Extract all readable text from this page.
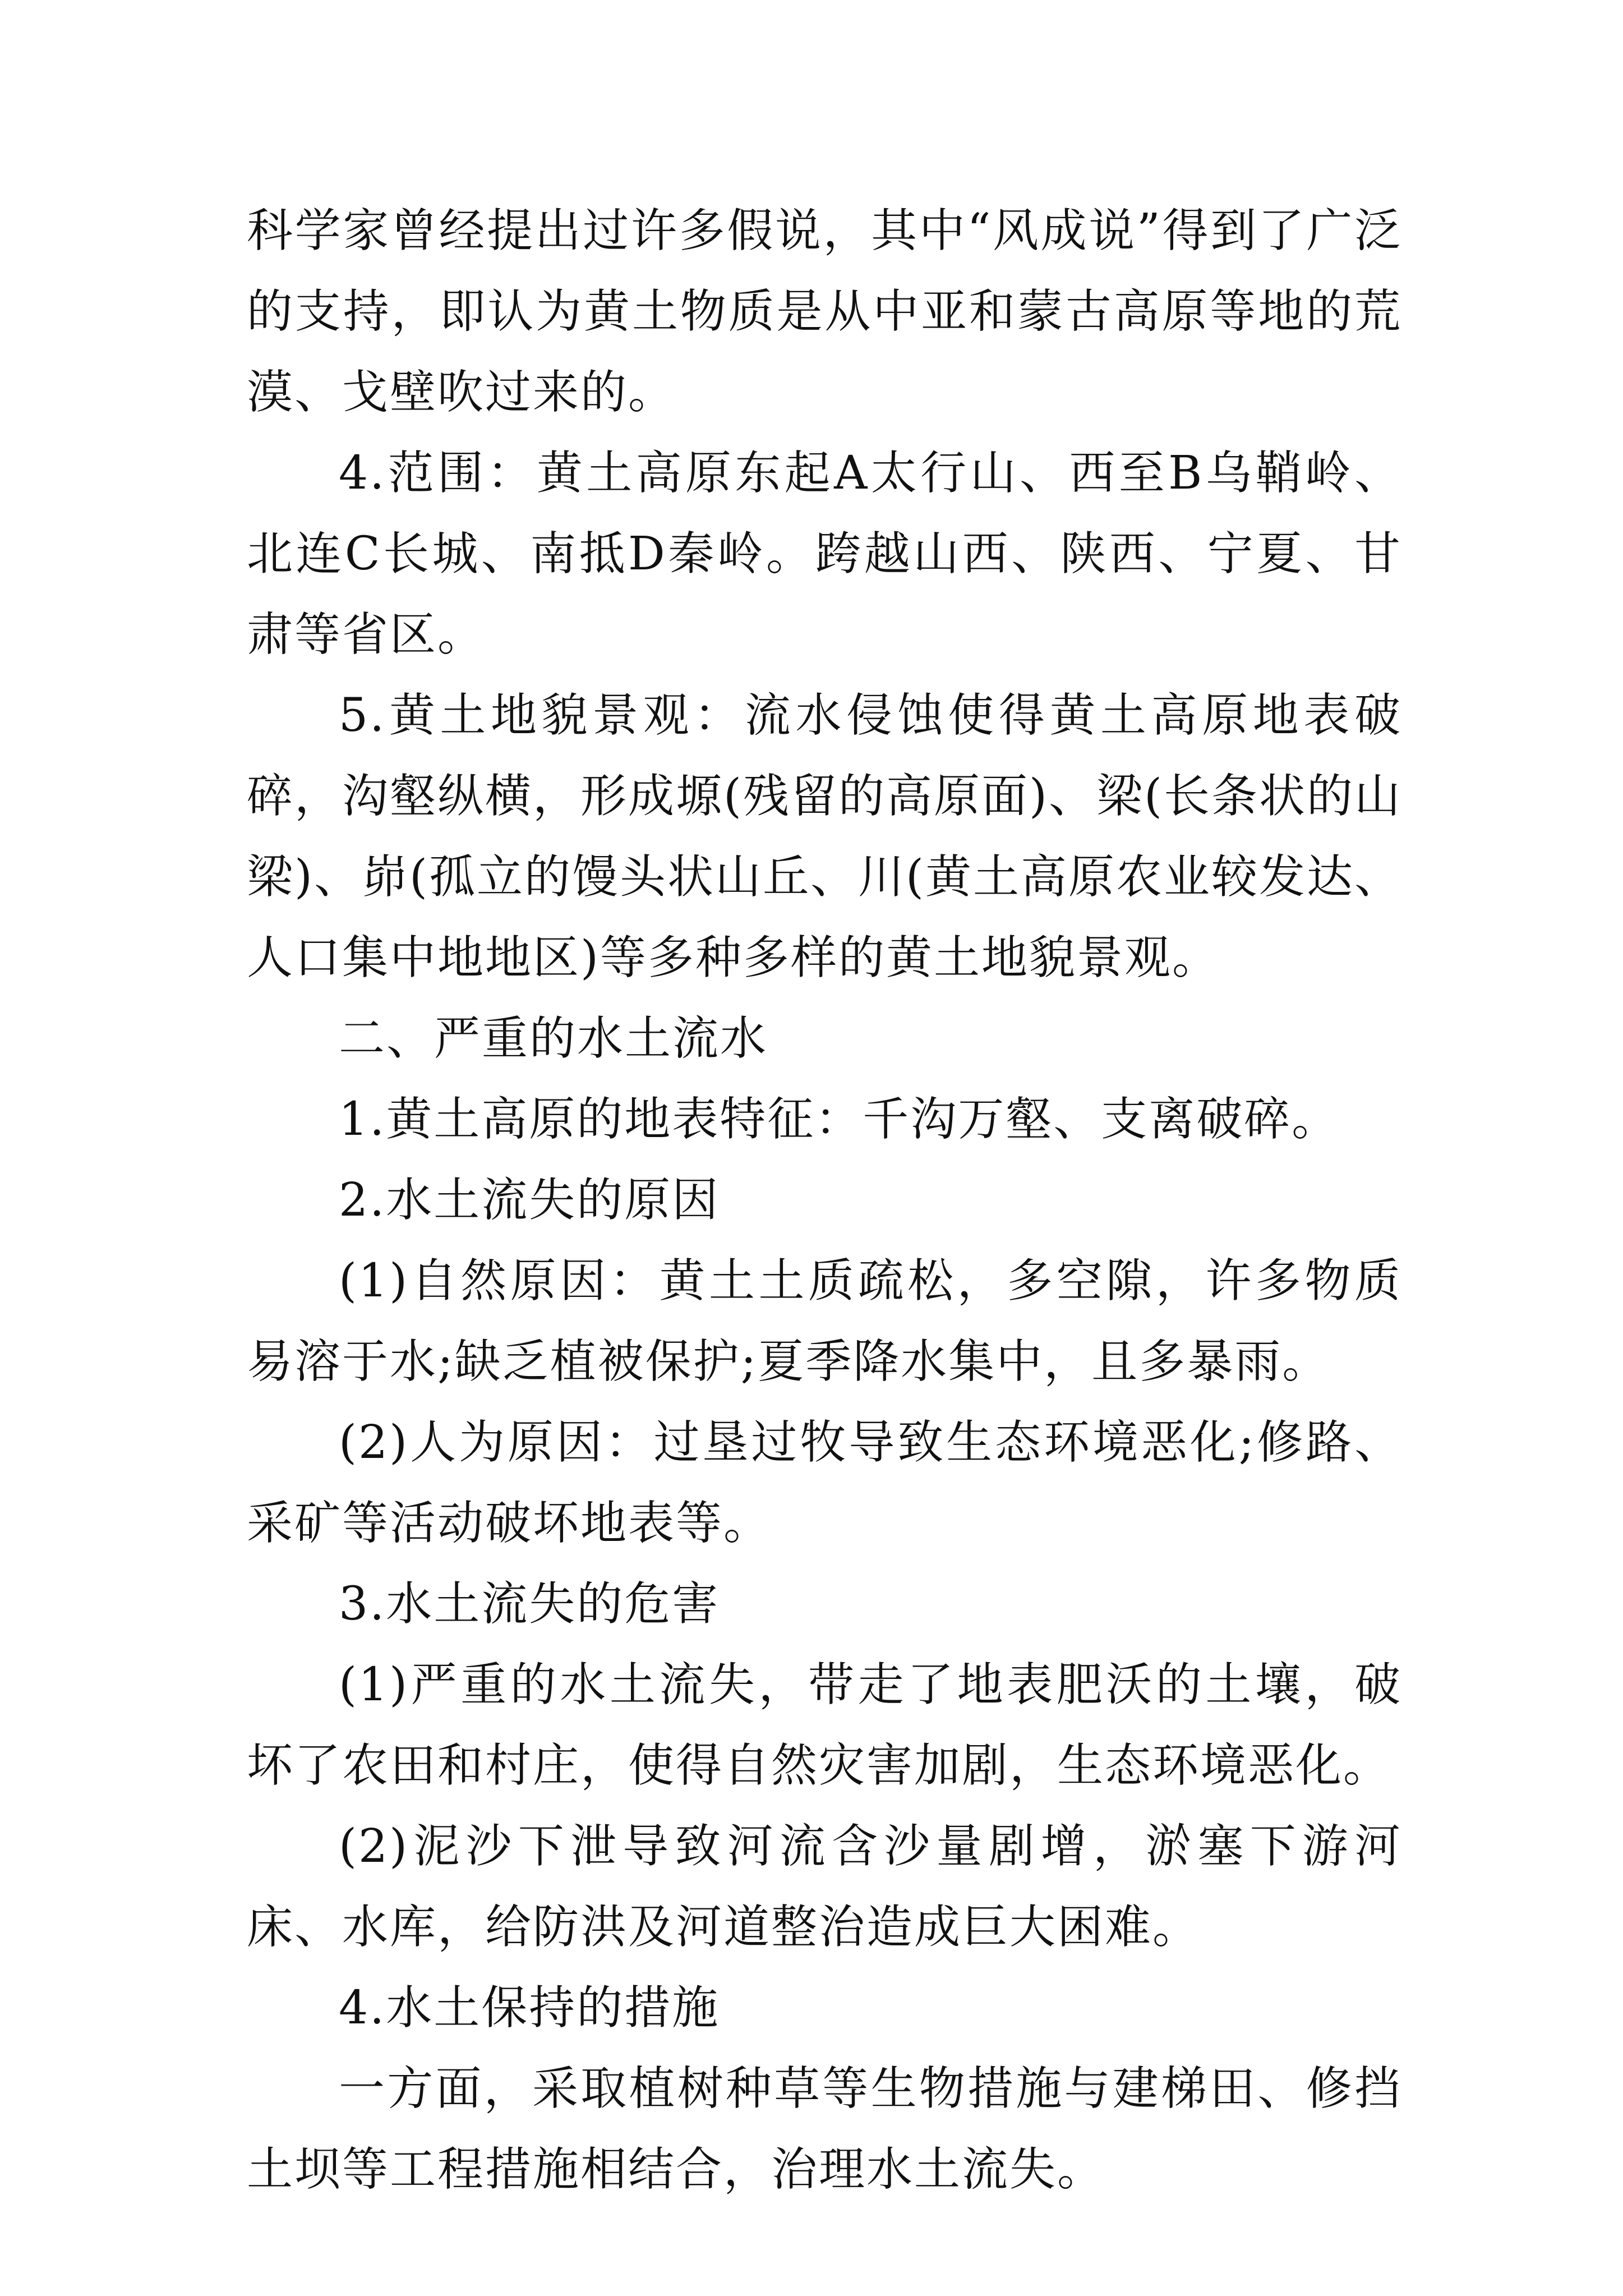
科学家曾经提出过许多假说，其中“风成说”得到了广泛的支持，即认为黄土物质是从中亚和蒙古高原等地的荒漠、戈壁吹过来的。

4.范围：黄土高原东起A太行山、西至B乌鞘岭、北连C长城、南抵D秦岭。跨越山西、陕西、宁夏、甘肃等省区。

5.黄土地貌景观：流水侵蚀使得黄土高原地表破碎，沟壑纵横，形成塬(残留的高原面)、梁(长条状的山梁)、峁(孤立的馒头状山丘、川(黄土高原农业较发达、人口集中地地区)等多种多样的黄土地貌景观。

二、严重的水土流水

1.黄土高原的地表特征：千沟万壑、支离破碎。

2.水土流失的原因

(1)自然原因：黄土土质疏松，多空隙，许多物质易溶于水;缺乏植被保护;夏季降水集中，且多暴雨。

(2)人为原因：过垦过牧导致生态环境恶化;修路、采矿等活动破坏地表等。

3.水土流失的危害

(1)严重的水土流失，带走了地表肥沃的土壤，破坏了农田和村庄，使得自然灾害加剧，生态环境恶化。

(2)泥沙下泄导致河流含沙量剧增，淤塞下游河床、水库，给防洪及河道整治造成巨大困难。

4.水土保持的措施

一方面，采取植树种草等生物措施与建梯田、修挡土坝等工程措施相结合，治理水土流失。
